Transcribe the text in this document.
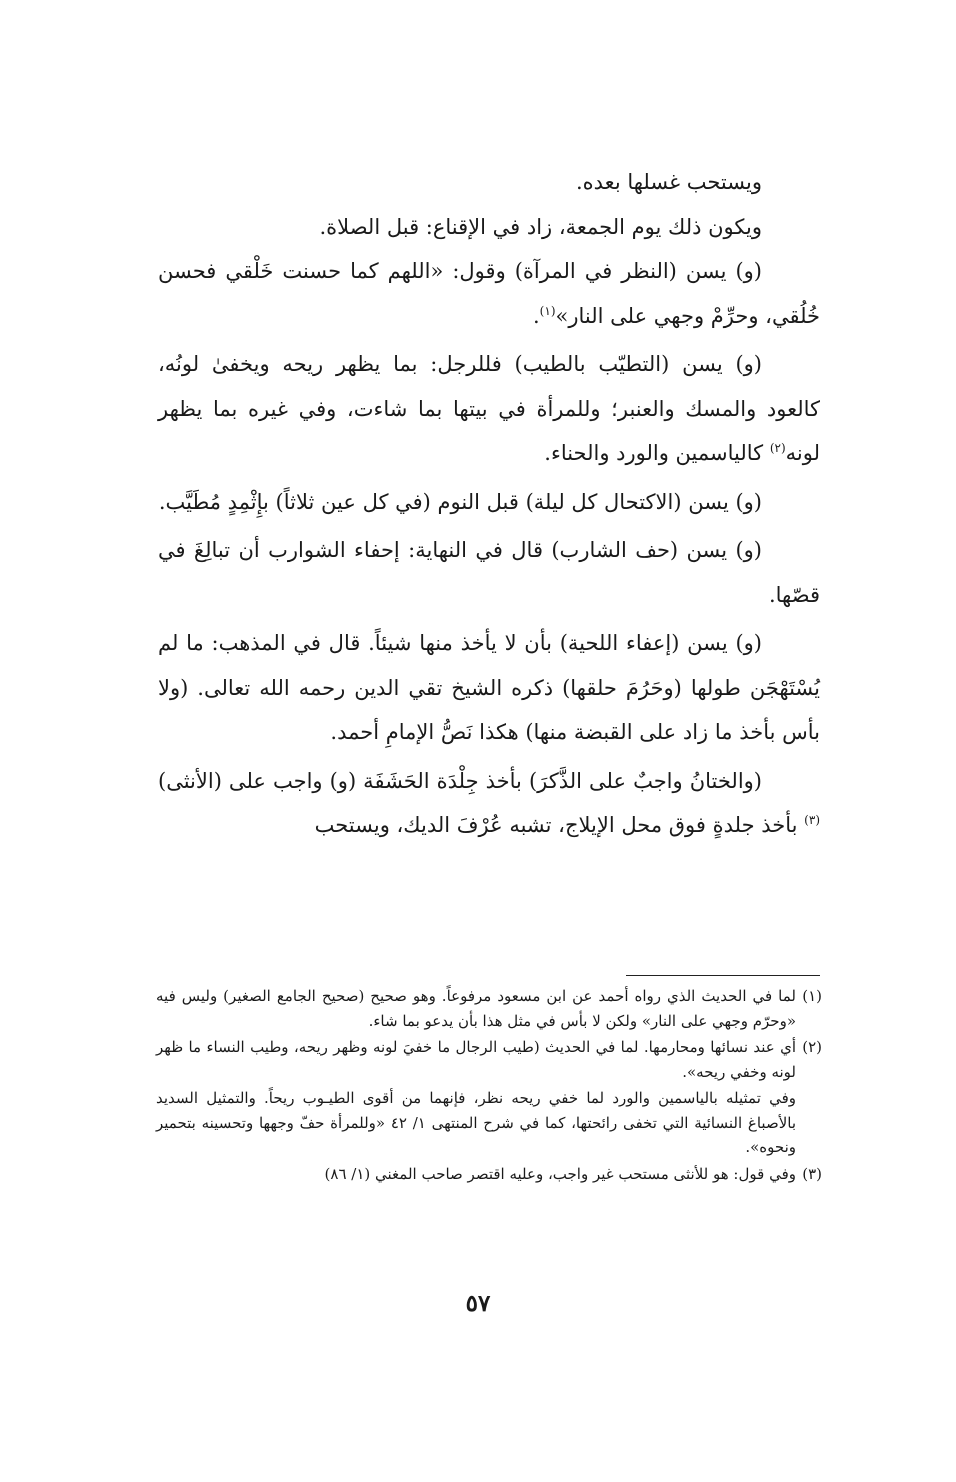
ويستحب غسلها بعده.

ويكون ذلك يوم الجمعة، زاد في الإقناع: قبل الصلاة.

(و) يسن (النظر في المرآة) وقول: «اللهم كما حسنت خَلْقي فحسن خُلُقي، وحرِّمْ وجهي على النار»$^{(١)}$.

(و) يسن (التطيّب بالطيب) فللرجل: بما يظهر ريحه ويخفىٰ لونُه، كالعود والمسك والعنبر؛ وللمرأة في بيتها بما شاءت، وفي غيره بما يظهر لونه$^{(٢)}$ كالياسمين والورد والحناء.

(و) يسن (الاكتحال كل ليلة) قبل النوم (في كل عين ثلاثاً) بإِثْمِدٍ مُطَيَّب.

(و) يسن (حف الشارب) قال في النهاية: إحفاء الشوارب أن تبالِغَ في قصّها.

(و) يسن (إعفاء اللحية) بأن لا يأخذ منها شيئاً. قال في المذهب: ما لم يُسْتَهْجَن طولها (وحَرُمَ حلقها) ذكره الشيخ تقي الدين رحمه الله تعالى. (ولا بأس بأخذ ما زاد على القبضة منها) هكذا نَصُّ الإمامِ أحمد.

(والختانُ واجبٌ على الذَّكرَ) بأخذ جِلْدَة الحَشَفَة (و) واجب على (الأنثى)$^{(٣)}$ بأخذ جلدةٍ فوق محل الإيلاج، تشبه عُرْفَ الديك، ويستحب

(١)لما في الحديث الذي رواه أحمد عن ابن مسعود مرفوعاً. وهو صحيح (صحيح الجامع الصغير) وليس فيه «وحرّم وجهي على النار» ولكن لا بأس في مثل هذا بأن يدعو بما شاء.

(٢)أي عند نسائها ومحارمها. لما في الحديث (طيب الرجال ما خفيَ لونه وظهر ريحه، وطيب النساء ما ظهر لونه وخفي ريحه».

وفي تمثيله بالياسمين والورد لما خفي ريحه نظر، فإنهما من أقوى الطيـوب ريحاً. والتمثيل السديد بالأصباغ النسائية التي تخفى رائحتها، كما في شرح المنتهى ١/ ٤٢ «وللمرأة حفّ وجهها وتحسينه بتحمير ونحوه».

(٣)وفي قول: هو للأنثى مستحب غير واجب، وعليه اقتصر صاحب المغني (١/ ٨٦)

٥٧
